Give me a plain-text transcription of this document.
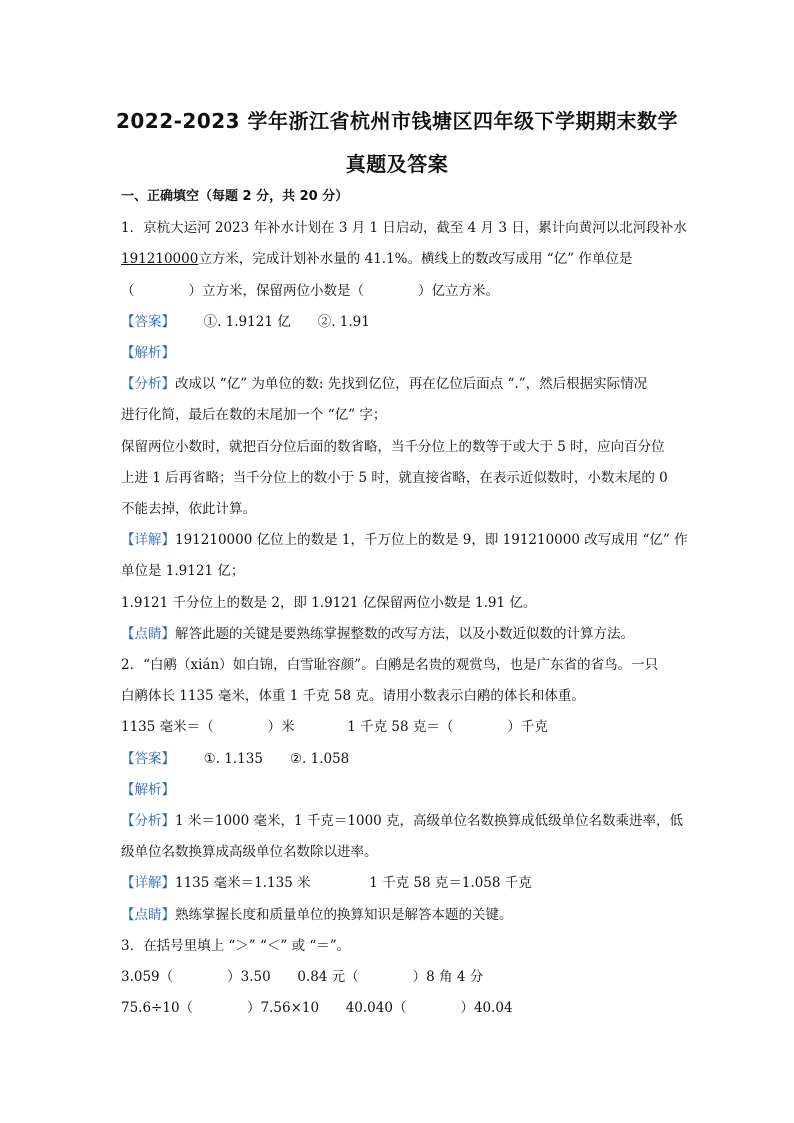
2022-2023 学年浙江省杭州市钱塘区四年级下学期期末数学
真题及答案
一、正确填空（每题 2 分，共 20 分）
1．京杭大运河 2023 年补水计划在 3 月 1 日启动，截至 4 月 3 日，累计向黄河以北河段补水
191210000立方米，完成计划补水量的 41.1%。横线上的数改写成用 “亿” 作单位是
（　　　　）立方米，保留两位小数是（　　　　）亿立方米。
【答案】 ①. 1.9121 亿　　②. 1.91
【解析】
【分析】改成以 “亿” 为单位的数: 先找到亿位，再在亿位后面点 “.”，然后根据实际情况
进行化简，最后在数的末尾加一个 “亿” 字；
保留两位小数时，就把百分位后面的数省略，当千分位上的数等于或大于 5 时，应向百分位
上进 1 后再省略；当千分位上的数小于 5 时，就直接省略，在表示近似数时，小数末尾的 0
不能去掉，依此计算。
【详解】191210000 亿位上的数是 1，千万位上的数是 9，即 191210000 改写成用 “亿” 作
单位是 1.9121 亿；
1.9121 千分位上的数是 2，即 1.9121 亿保留两位小数是 1.91 亿。
【点睛】解答此题的关键是要熟练掌握整数的改写方法，以及小数近似数的计算方法。
2．“白鹇（xián）如白锦，白雪耻容颜”。白鹇是名贵的观赏鸟，也是广东省的省鸟。一只
白鹇体长 1135 毫米，体重 1 千克 58 克。请用小数表示白鹇的体长和体重。
1135 毫米＝（　　　　）米	1 千克 58 克＝（　　　　）千克
【答案】 ①. 1.135　　②. 1.058
【解析】
【分析】1 米＝1000 毫米，1 千克＝1000 克，高级单位名数换算成低级单位名数乘进率，低
级单位名数换算成高级单位名数除以进率。
【详解】1135 毫米＝1.135 米	1 千克 58 克＝1.058 千克
【点睛】熟练掌握长度和质量单位的换算知识是解答本题的关键。
3．在括号里填上 “＞” “＜” 或 “＝”。
3.059（　　　　）3.50 0.84 元（　　　　）8 角 4 分
75.6÷10（　　　　）7.56×10 40.040（　　　　）40.04
